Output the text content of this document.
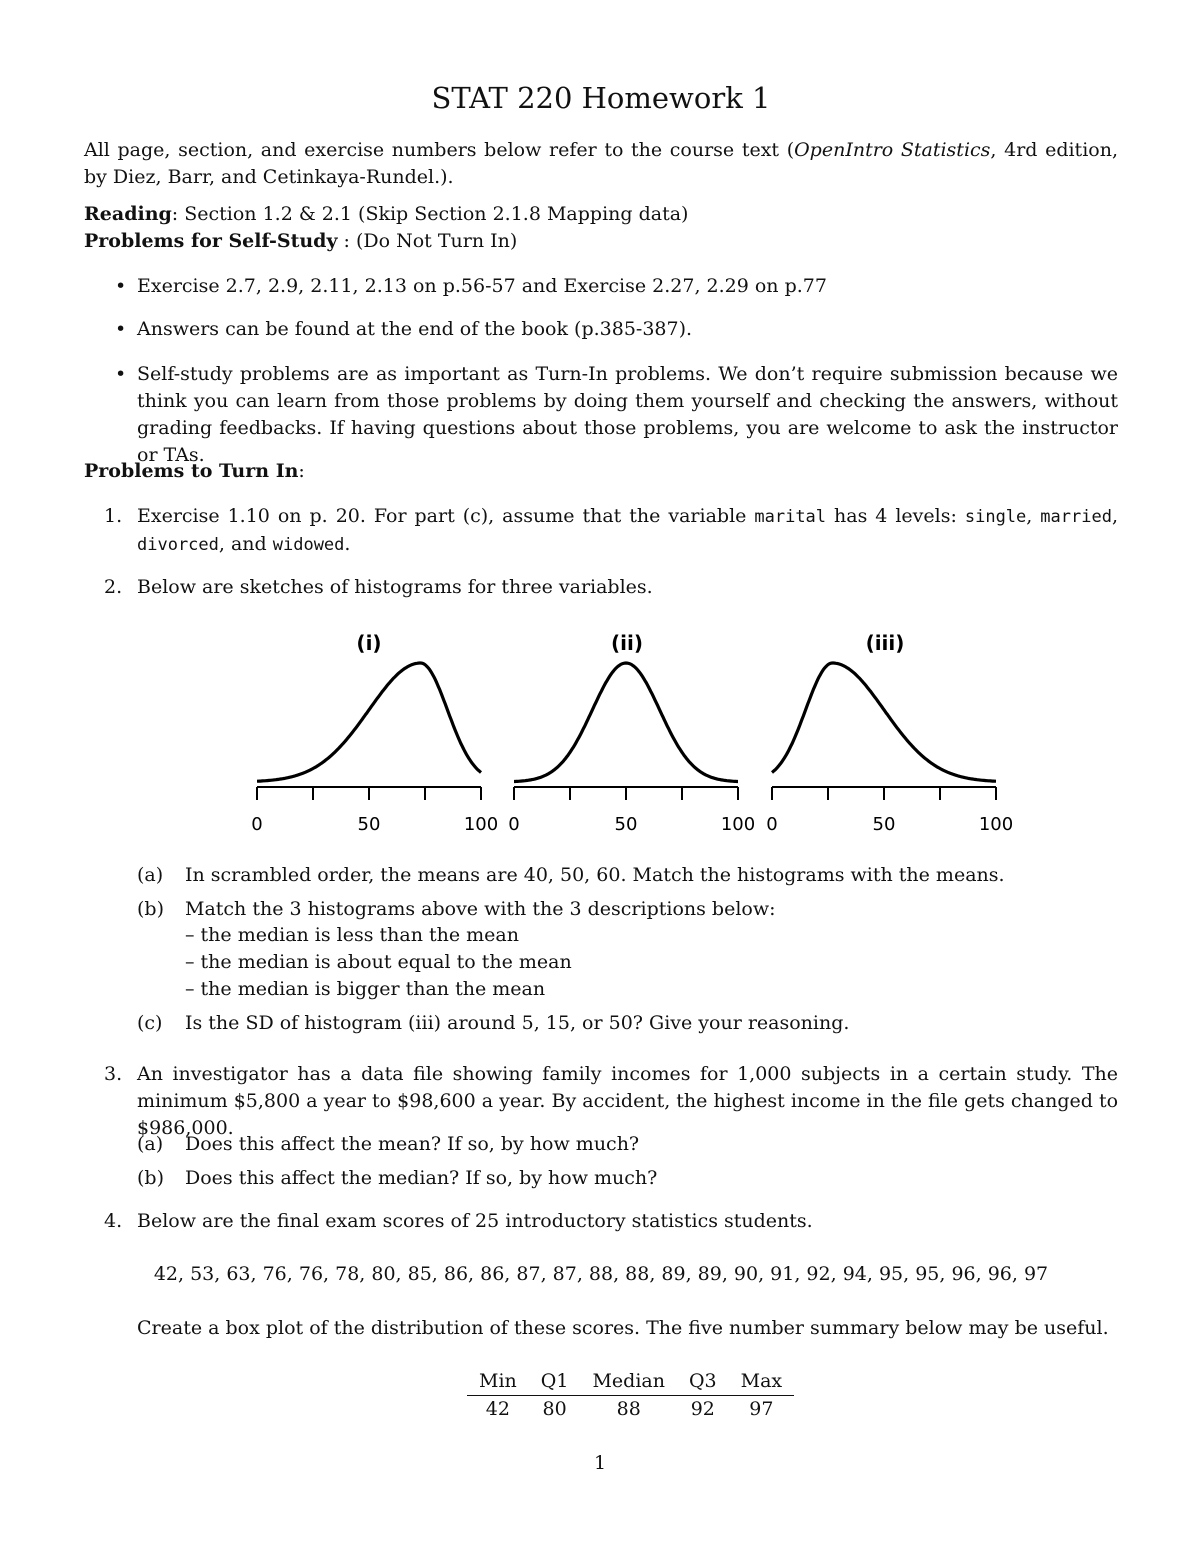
STAT 220 Homework 1

All page, section, and exercise numbers below refer to the course text (OpenIntro Statistics, 4rd edition, by Diez, Barr, and Cetinkaya-Rundel.).

Reading: Section 1.2 & 2.1 (Skip Section 2.1.8 Mapping data)

Problems for Self-Study : (Do Not Turn In)

• Exercise 2.7, 2.9, 2.11, 2.13 on p.56-57 and Exercise 2.27, 2.29 on p.77
• Answers can be found at the end of the book (p.385-387).
• Self-study problems are as important as Turn-In problems. We don’t require submission because we think you can learn from those problems by doing them yourself and checking the answers, without grading feedbacks. If having questions about those problems, you are welcome to ask the instructor or TAs.

Problems to Turn In:

1. Exercise 1.10 on p. 20. For part (c), assume that the variable marital has 4 levels: single, married, divorced, and widowed.

2. Below are sketches of histograms for three variables.

(a) In scrambled order, the means are 40, 50, 60. Match the histograms with the means.
(b) Match the 3 histograms above with the 3 descriptions below:
– the median is less than the mean
– the median is about equal to the mean
– the median is bigger than the mean
(c) Is the SD of histogram (iii) around 5, 15, or 50? Give your reasoning.
3. An investigator has a data file showing family incomes for 1,000 subjects in a certain study. The minimum $5,800 a year to $98,600 a year. By accident, the highest income in the file gets changed to $986,000.

(a) Does this affect the mean? If so, by how much?
(b) Does this affect the median? If so, by how much?
4. Below are the final exam scores of 25 introductory statistics students.

42, 53, 63, 76, 76, 78, 80, 85, 86, 86, 87, 87, 88, 88, 89, 89, 90, 91, 92, 94, 95, 95, 96, 96, 97
Create a box plot of the distribution of these scores. The five number summary below may be useful.
Min	Q1	Median	Q3	Max
42	80	88	92	97
0	50	100
(i)
0	50	100
(ii)
0	50	100
(iii)
1
